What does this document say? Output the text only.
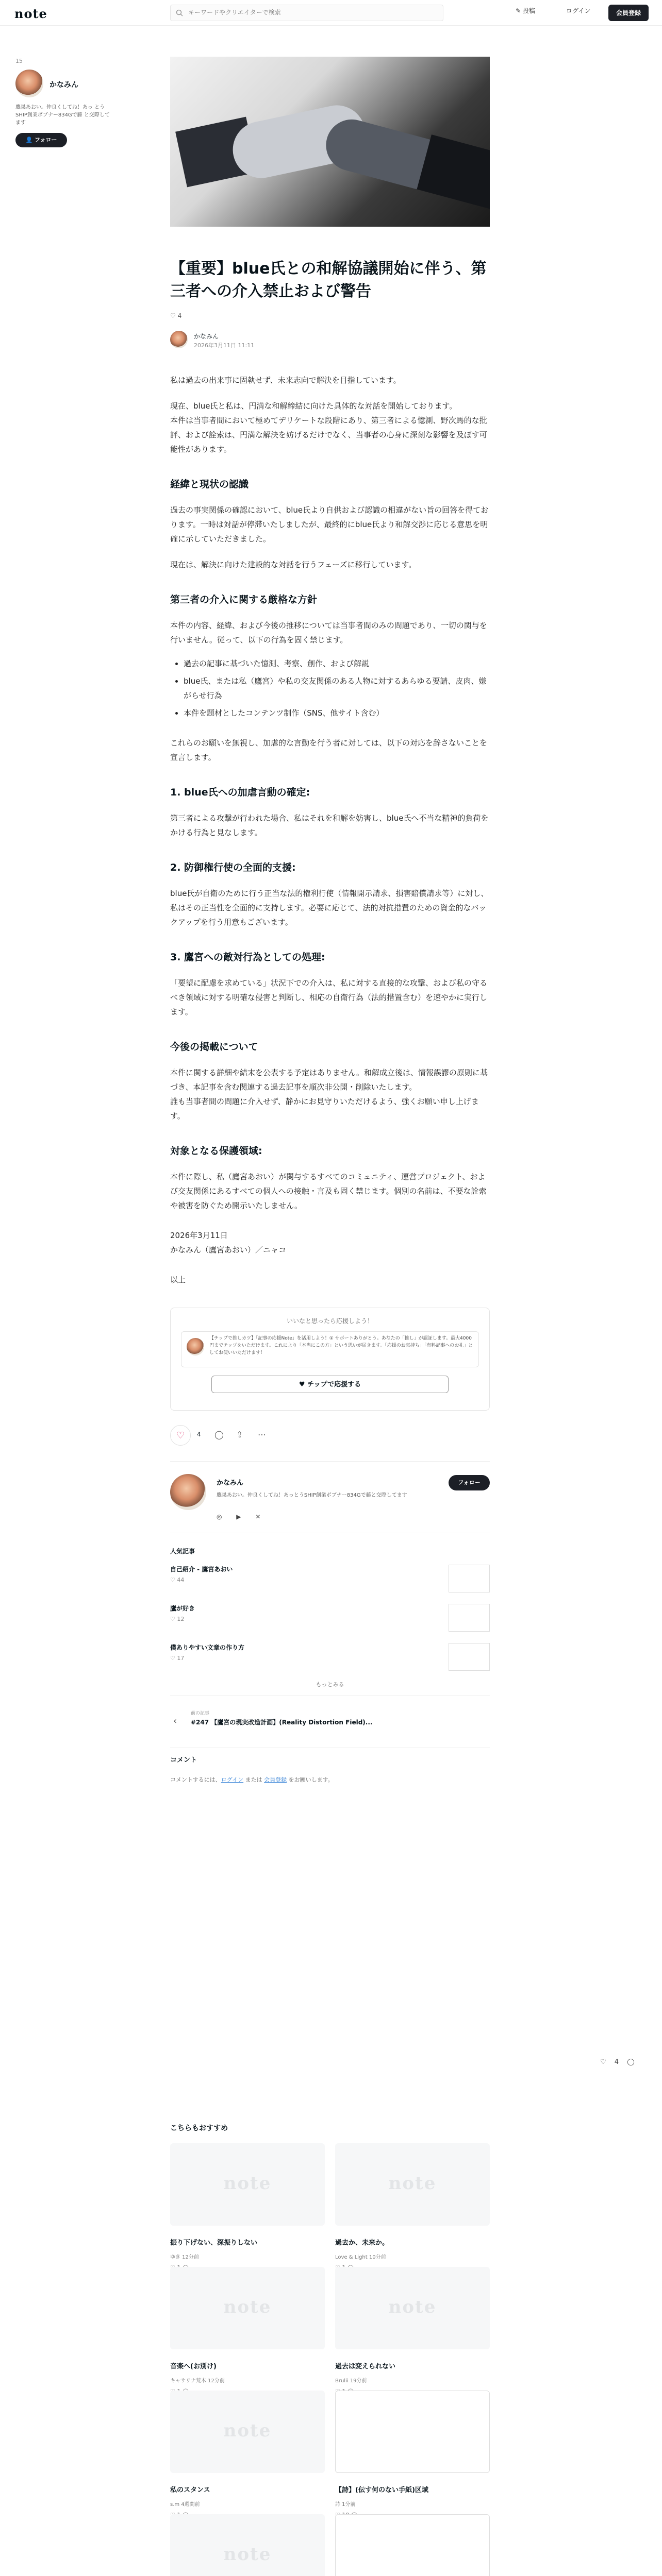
note
キーワードやクリエイターで検索	✎ 投稿	ログイン	会員登録
15
かなみん
鷹巣あおい。仲良くしてね！あっ とうSHIP創業ボブナー834Gで藤 と交際してます
👤 フォロー
【重要】blue氏との和解協議開始に伴う、第三者への介入禁止および警告
♡ 4
かなみん
2026年3月11日 11:11

私は過去の出来事に固執せず、未来志向で解決を目指しています。

現在、blue氏と私は、円満な和解締結に向けた具体的な対話を開始しております。

本件は当事者間において極めてデリケートな段階にあり、第三者による憶測、野次馬的な批評、および詮索は、円満な解決を妨げるだけでなく、当事者の心身に深刻な影響を及ぼす可能性があります。

経緯と現状の認識

過去の事実関係の確認において、blue氏より自供および認識の相違がない旨の回答を得ております。一時は対話が停滞いたしましたが、最終的にblue氏より和解交渉に応じる意思を明確に示していただきました。

現在は、解決に向けた建設的な対話を行うフェーズに移行しています。

第三者の介入に関する厳格な方針

本件の内容、経緯、および今後の推移については当事者間のみの問題であり、一切の関与を行いません。従って、以下の行為を固く禁じます。

• 過去の記事に基づいた憶測、考察、創作、および解説
• blue氏、または私（鷹宮）や私の交友関係のある人物に対するあらゆる要請、皮肉、嫌がらせ行為
• 本件を題材としたコンテンツ制作（SNS、他サイト含む）

これらのお願いを無視し、加虐的な言動を行う者に対しては、以下の対応を辞さないことを宣言します。

1. blue氏への加虐言動の確定:

第三者による攻撃が行われた場合、私はそれを和解を妨害し、blue氏へ不当な精神的負荷をかける行為と見なします。

2. 防御権行使の全面的支援:

blue氏が自衛のために行う正当な法的権利行使（情報開示請求、損害賠償請求等）に対し、私はその正当性を全面的に支持します。必要に応じて、法的対抗措置のための資金的なバックアップを行う用意もございます。

3. 鷹宮への敵対行為としての処理:

「要望に配慮を求めている」状況下での介入は、私に対する直接的な攻撃、および私の守るべき領域に対する明確な侵害と判断し、相応の自衛行為（法的措置含む）を速やかに実行します。

今後の掲載について

本件に関する詳細や結末を公表する予定はありません。和解成立後は、情報誤謬の原則に基づき、本記事を含む関連する過去記事を順次非公開・削除いたします。

誰も当事者間の問題に介入せず、静かにお見守りいただけるよう、強くお願い申し上げます。

対象となる保護領域:

本件に際し、私（鷹宮あおい）が関与するすべてのコミュニティ、運営プロジェクト、および交友関係にあるすべての個人への接触・言及も固く禁じます。個別の名前は、不要な詮索や被害を防ぐため開示いたしません。

2026年3月11日

かなみん（鷹宮あおい）／ニャコ

以上

いいなと思ったら応援しよう！
【チップで推しカツ】「記事の応援Note」を活用しよう！① サポートありがとう。あなたの「推し」が認証します。最大4000円までチップをいただけます。これにより「本当にこの方」という思いが届きます。「応援のお気持ち」「有料記事へのお礼」としてお使いいただけます！
♥ チップで応援する
♡	4 ◯ ⇪ ⋯
かなみん
鷹巣あおい。仲良くしてね！あっとうSHIP創業ボブナー834Gで藤と交際してます
フォロー
◎ ▶ ✕
人気記事
自己紹介 - 鷹宮あおい
♡ 44
鷹が好き
♡ 12
僕ありやすい文章の作り方
♡ 17
もっとみる
‹
前の記事
#247 【鷹宮の現実改造計画】(Reality Distortion Field)...
コメント
コメントするには、ログイン または 会員登録 をお願いします。
♡ 4 ◯
こちらもおすすめ
note
振り下げない、深振りしない
ゆき 12分前
note
過去か、未来か。
Love & Light 10分前
note
音楽へ(お別け)
キャサリナ荒木 12分前
note
過去は変えられない
Brulii 19分前
note
私のスタンス
s.m 4週間前
【詩】(伝す何のない手紙)区域
詩 1分前
note
